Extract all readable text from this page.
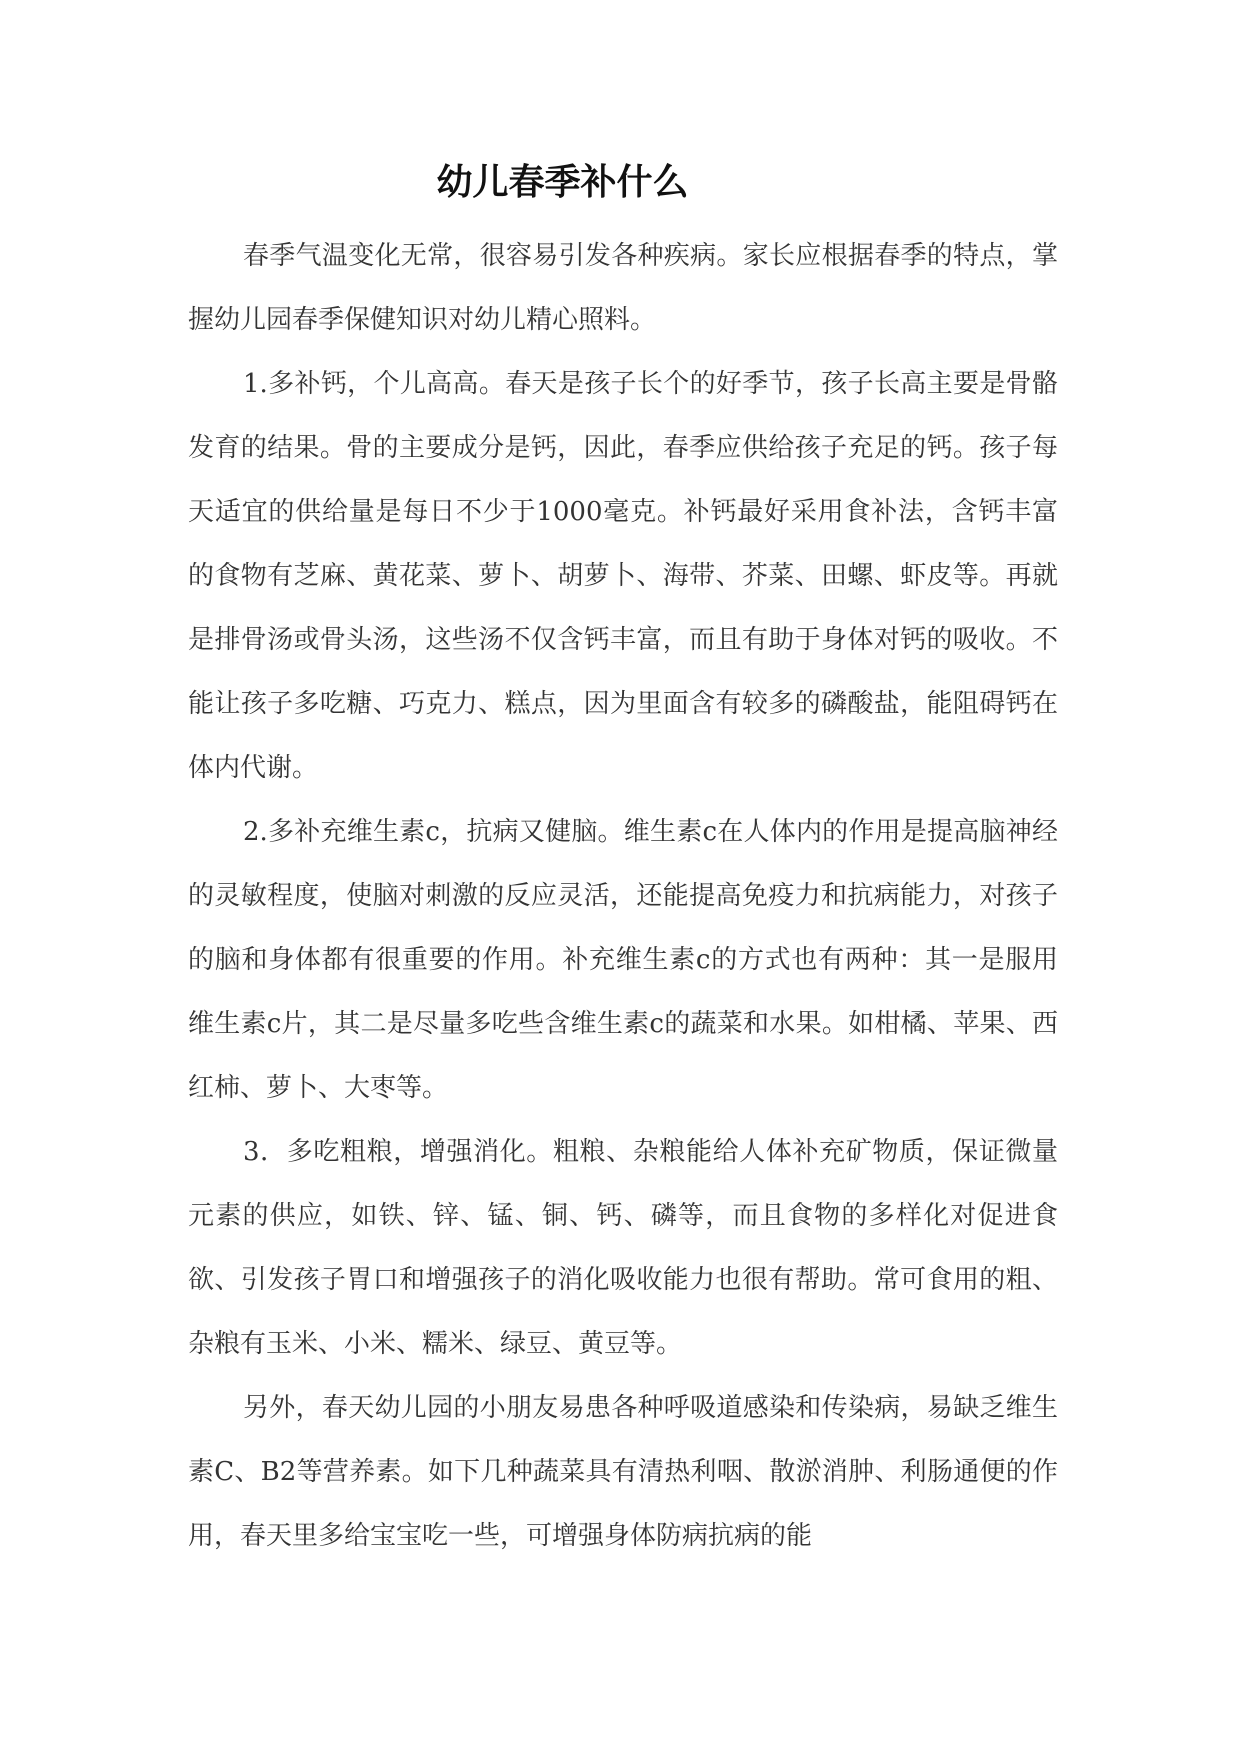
幼儿春季补什么

春季气温变化无常，很容易引发各种疾病。家长应根据春季的特点，掌握幼儿园春季保健知识对幼儿精心照料。

1.多补钙，个儿高高。春天是孩子长个的好季节，孩子长高主要是骨骼发育的结果。骨的主要成分是钙，因此，春季应供给孩子充足的钙。孩子每天适宜的供给量是每日不少于1000毫克。补钙最好采用食补法，含钙丰富的食物有芝麻、黄花菜、萝卜、胡萝卜、海带、芥菜、田螺、虾皮等。再就是排骨汤或骨头汤，这些汤不仅含钙丰富，而且有助于身体对钙的吸收。不能让孩子多吃糖、巧克力、糕点，因为里面含有较多的磷酸盐，能阻碍钙在体内代谢。

2.多补充维生素c，抗病又健脑。维生素c在人体内的作用是提高脑神经的灵敏程度，使脑对刺激的反应灵活，还能提高免疫力和抗病能力，对孩子的脑和身体都有很重要的作用。补充维生素c的方式也有两种：其一是服用维生素c片，其二是尽量多吃些含维生素c的蔬菜和水果。如柑橘、苹果、西红柿、萝卜、大枣等。

3．多吃粗粮，增强消化。粗粮、杂粮能给人体补充矿物质，保证微量元素的供应，如铁、锌、锰、铜、钙、磷等，而且食物的多样化对促进食欲、引发孩子胃口和增强孩子的消化吸收能力也很有帮助。常可食用的粗、杂粮有玉米、小米、糯米、绿豆、黄豆等。

另外，春天幼儿园的小朋友易患各种呼吸道感染和传染病，易缺乏维生素C、B2等营养素。如下几种蔬菜具有清热利咽、散淤消肿、利肠通便的作用，春天里多给宝宝吃一些，可增强身体防病抗病的能
